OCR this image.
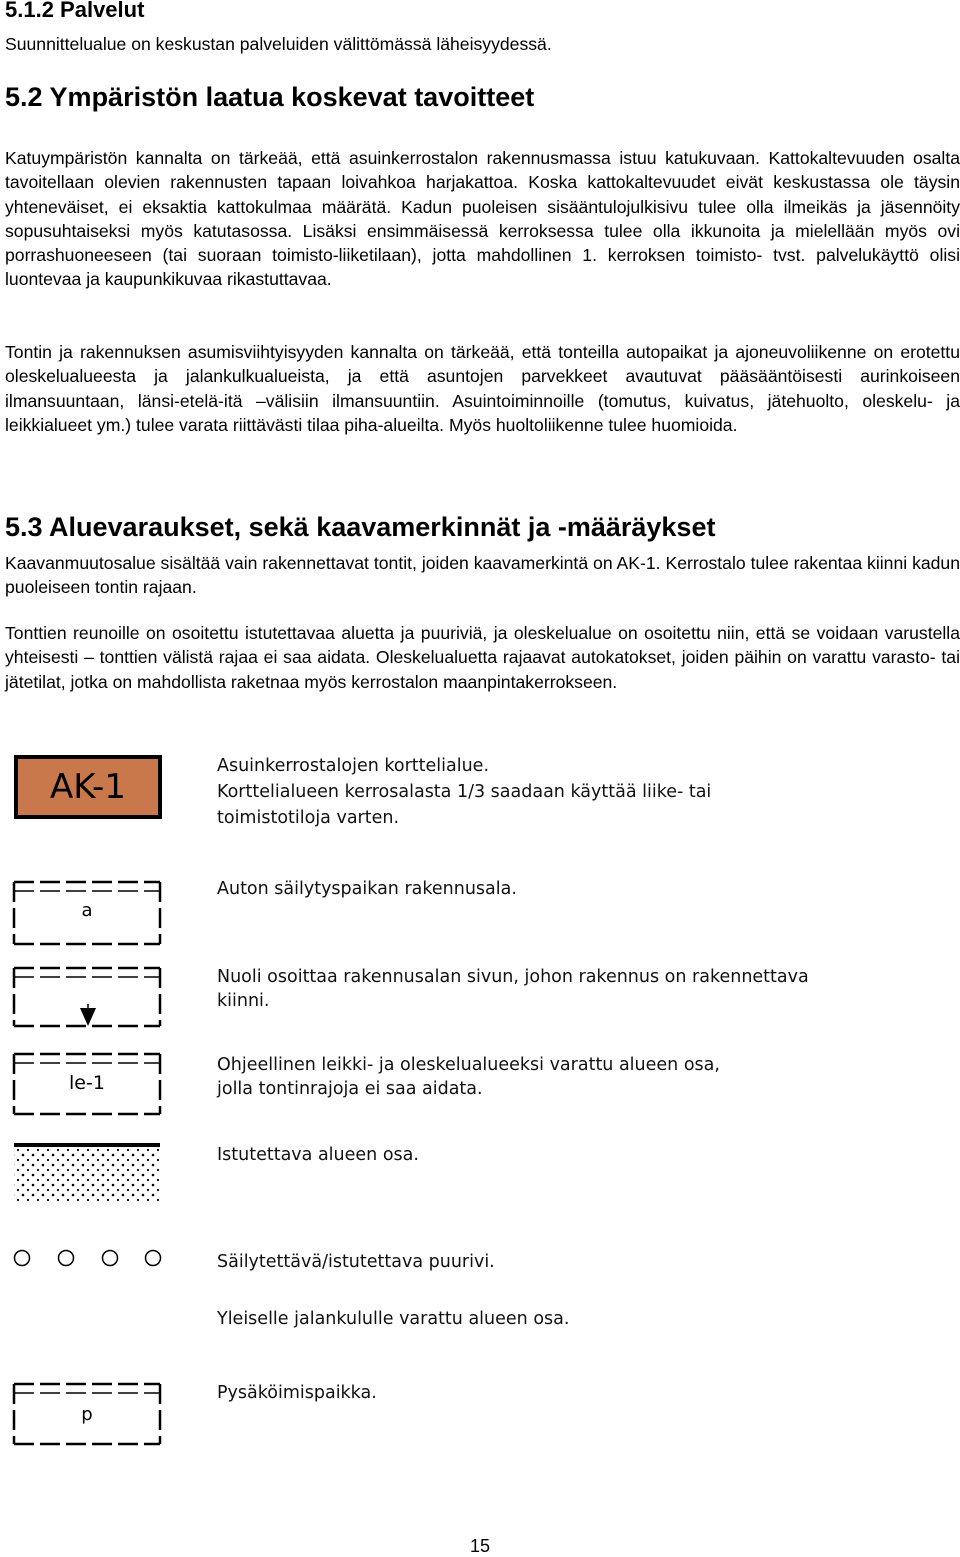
5.1.2 Palvelut

Suunnittelualue on keskustan palveluiden välittömässä läheisyydessä.

5.2 Ympäristön laatua koskevat tavoitteet

Katuympäristön kannalta on tärkeää, että asuinkerrostalon rakennusmassa istuu katukuvaan. Kattokaltevuuden osalta tavoitellaan olevien rakennusten tapaan loivahkoa harjakattoa. Koska kattokaltevuudet eivät keskustassa ole täysin yhteneväiset, ei eksaktia kattokulmaa määrätä. Kadun puoleisen sisääntulojulkisivu tulee olla ilmeikäs ja jäsennöity sopusuhtaiseksi myös katutasossa. Lisäksi ensimmäisessä kerroksessa tulee olla ikkunoita ja mielellään myös ovi porrashuoneeseen (tai suoraan toimisto-liiketilaan), jotta mahdollinen 1. kerroksen toimisto- tvst. palvelukäyttö olisi luontevaa ja kaupunkikuvaa rikastuttavaa.

Tontin ja rakennuksen asumisviihtyisyyden kannalta on tärkeää, että tonteilla autopaikat ja ajoneuvoliikenne on erotettu oleskelualueesta ja jalankulkualueista, ja että asuntojen parvekkeet avautuvat pääsääntöisesti aurinkoiseen ilmansuuntaan, länsi-etelä-itä –välisiin ilmansuuntiin. Asuintoiminnoille (tomutus, kuivatus, jätehuolto, oleskelu- ja leikkialueet ym.) tulee varata riittävästi tilaa piha-alueilta. Myös huoltoliikenne tulee huomioida.

5.3 Aluevaraukset, sekä kaavamerkinnät ja -määräykset

Kaavanmuutosalue sisältää vain rakennettavat tontit, joiden kaavamerkintä on AK-1. Kerrostalo tulee rakentaa kiinni kadun puoleiseen tontin rajaan.

Tonttien reunoille on osoitettu istutettavaa aluetta ja puuriviä, ja oleskelualue on osoitettu niin, että se voidaan varustella yhteisesti – tonttien välistä rajaa ei saa aidata. Oleskelualuetta rajaavat autokatokset, joiden päihin on varattu varasto- tai jätetilat, jotka on mahdollista raketnaa myös kerrostalon maanpintakerrokseen.

AK-1
Asuinkerrostalojen korttelialue.
Korttelialueen kerrosalasta 1/3 saadaan käyttää liike- tai
toimistotiloja varten.
a
Auton säilytyspaikan rakennusala.
Nuoli osoittaa rakennusalan sivun, johon rakennus on rakennettava
kiinni.
le-1
Ohjeellinen leikki- ja oleskelualueeksi varattu alueen osa,
jolla tontinrajoja ei saa aidata.
Istutettava alueen osa.
Säilytettävä/istutettava puurivi.
Yleiselle jalankululle varattu alueen osa.
p
Pysäköimispaikka.
15
